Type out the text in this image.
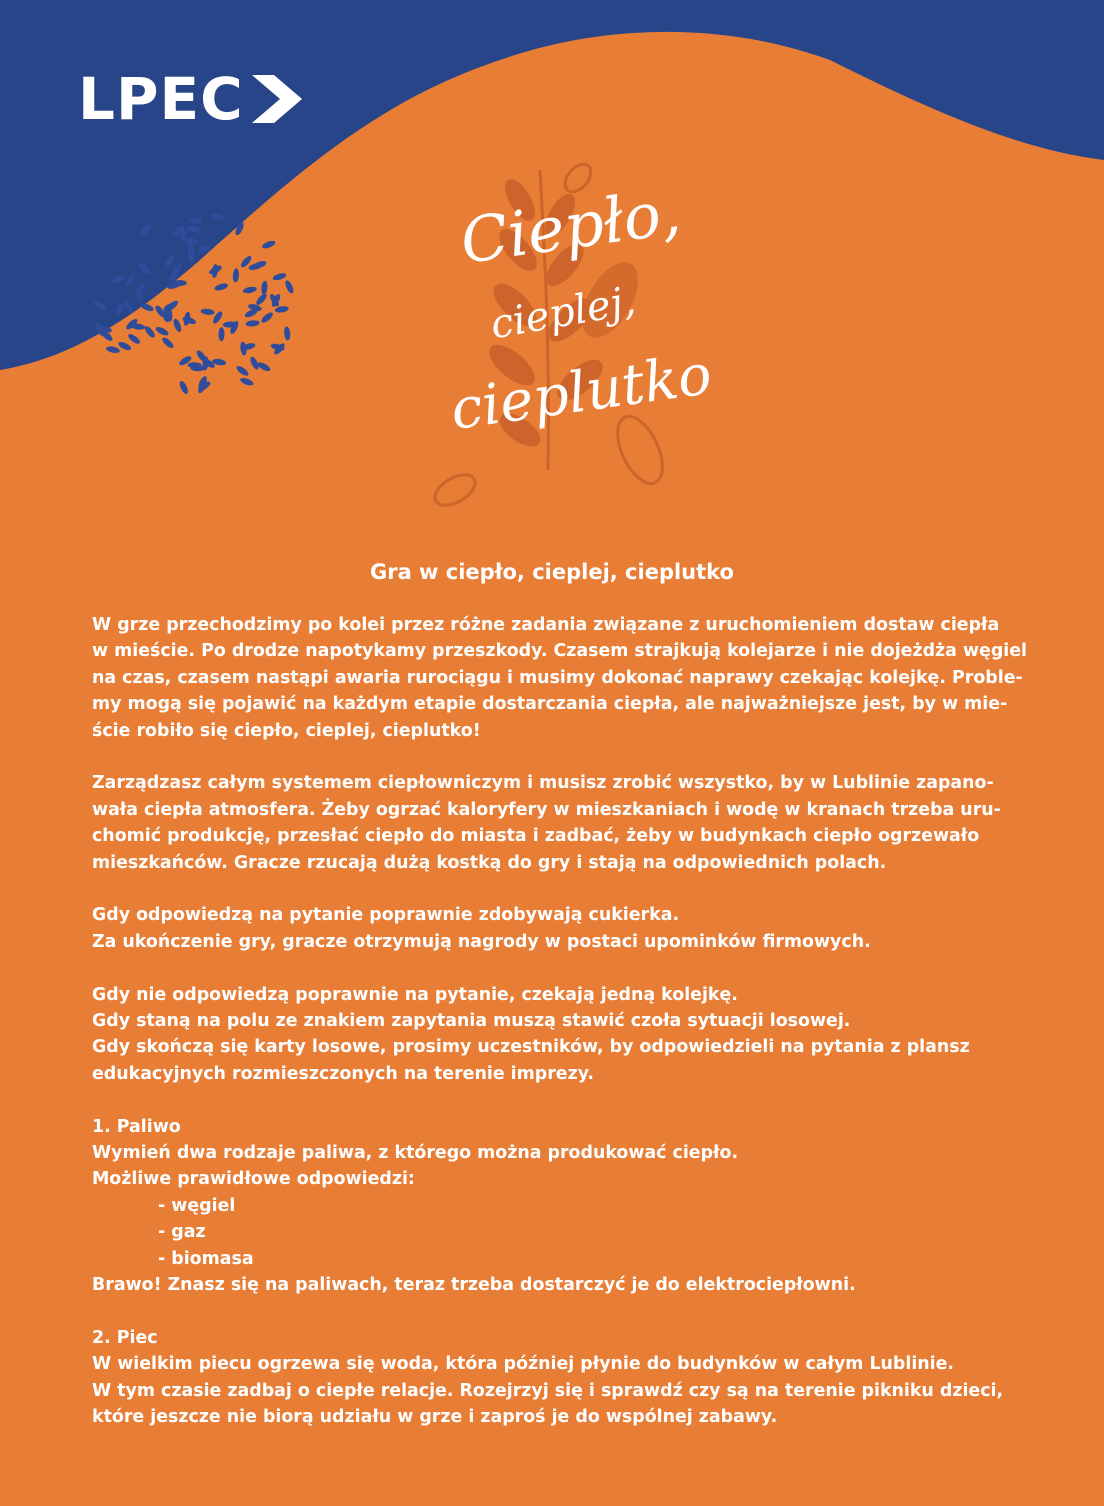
LPEC
Ciepło,
cieplej,
cieplutko
Gra w ciepło, cieplej, cieplutko

W grze przechodzimy po kolei przez różne zadania związane z uruchomieniem dostaw ciepła
w mieście. Po drodze napotykamy przeszkody. Czasem strajkują kolejarze i nie dojeżdża węgiel
na czas, czasem nastąpi awaria rurociągu i musimy dokonać naprawy czekając kolejkę. Proble-
my mogą się pojawić na każdym etapie dostarczania ciepła, ale najważniejsze jest, by w mie-
ście robiło się ciepło, cieplej, cieplutko!

Zarządzasz całym systemem ciepłowniczym i musisz zrobić wszystko, by w Lublinie zapano-
wała ciepła atmosfera. Żeby ogrzać kaloryfery w mieszkaniach i wodę w kranach trzeba uru-
chomić produkcję, przesłać ciepło do miasta i zadbać, żeby w budynkach ciepło ogrzewało
mieszkańców. Gracze rzucają dużą kostką do gry i stają na odpowiednich polach.

Gdy odpowiedzą na pytanie poprawnie zdobywają cukierka.
Za ukończenie gry, gracze otrzymują nagrody w postaci upominków firmowych.

Gdy nie odpowiedzą poprawnie na pytanie, czekają jedną kolejkę.
Gdy staną na polu ze znakiem zapytania muszą stawić czoła sytuacji losowej.
Gdy skończą się karty losowe, prosimy uczestników, by odpowiedzieli na pytania z plansz
edukacyjnych rozmieszczonych na terenie imprezy.

1. Paliwo
Wymień dwa rodzaje paliwa, z którego można produkować ciepło.
Możliwe prawidłowe odpowiedzi:
- węgiel
- gaz
- biomasa
Brawo! Znasz się na paliwach, teraz trzeba dostarczyć je do elektrociepłowni.

2. Piec
W wielkim piecu ogrzewa się woda, która później płynie do budynków w całym Lublinie.
W tym czasie zadbaj o ciepłe relacje. Rozejrzyj się i sprawdź czy są na terenie pikniku dzieci,
które jeszcze nie biorą udziału w grze i zaproś je do wspólnej zabawy.
